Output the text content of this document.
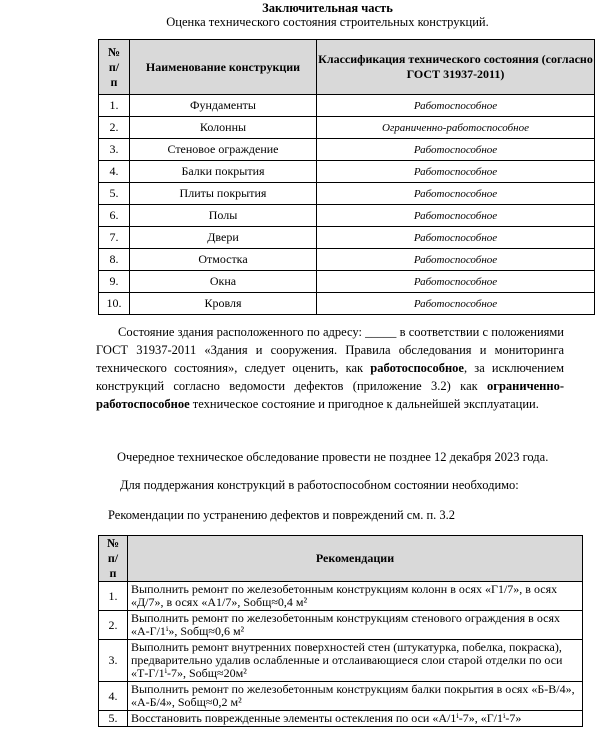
Заключительная часть
Оценка технического состояния строительных конструкций.
№
п/
п	Наименование конструкции	Классификация технического состояния (согласно ГОСТ 31937-2011)
1.	Фундаменты	Работоспособное
2.	Колонны	Ограниченно-работоспособное
3.	Стеновое ограждение	Работоспособное
4.	Балки покрытия	Работоспособное
5.	Плиты покрытия	Работоспособное
6.	Полы	Работоспособное
7.	Двери	Работоспособное
8.	Отмостка	Работоспособное
9.	Окна	Работоспособное
10.	Кровля	Работоспособное
Состояние здания расположенного по адресу: _____ в соответствии с положениями ГОСТ 31937-2011 «Здания и сооружения. Правила обследования и мониторинга технического состояния», следует оценить, как работоспособное, за исключением конструкций согласно ведомости дефектов (приложение 3.2) как ограниченно-работоспособное техническое состояние и пригодное к дальнейшей эксплуатации.
Очередное техническое обследование провести не позднее 12 декабря 2023 года.
Для поддержания конструкций в работоспособном состоянии необходимо:
Рекомендации по устранению дефектов и повреждений см. п. 3.2
№
п/
п	Рекомендации
1.	Выполнить ремонт по железобетонным конструкциям колонн в осях «Г1/7», в осях «Д/7», в осях «А1/7», Sобщ≈0,4 м²
2.	Выполнить ремонт по железобетонным конструкциям стенового ограждения в осях «А-Г/1ⁱ», Sобщ≈0,6 м²
3.	Выполнить ремонт внутренних поверхностей стен (штукатурка, побелка, покраска), предварительно удалив ослабленные и отслаивающиеся слои старой отделки по оси «Т-Г/1ⁱ-7», Sобщ≈20м²
4.	Выполнить ремонт по железобетонным конструкциям балки покрытия в осях «Б-В/4», «А-Б/4», Sобщ≈0,2 м²
5.	Восстановить поврежденные элементы остекления по оси «А/1ⁱ-7», «Г/1ⁱ-7»
